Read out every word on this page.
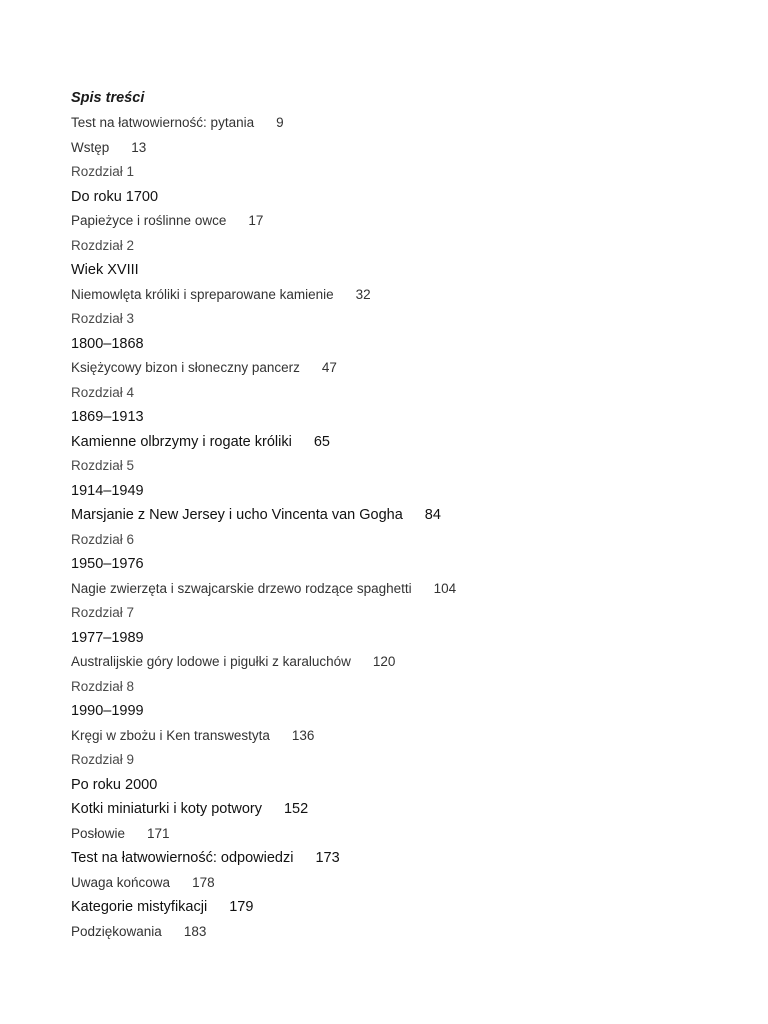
Spis treści
Test na łatwowierność: pytania 9
Wstęp 13
Rozdział 1
Do roku 1700
Papieżyce i roślinne owce 17
Rozdział 2
Wiek XVIII
Niemowlęta króliki i spreparowane kamienie 32
Rozdział 3
1800–1868
Księżycowy bizon i słoneczny pancerz 47
Rozdział 4
1869–1913
Kamienne olbrzymy i rogate króliki 65
Rozdział 5
1914–1949
Marsjanie z New Jersey i ucho Vincenta van Gogha 84
Rozdział 6
1950–1976
Nagie zwierzęta i szwajcarskie drzewo rodzące spaghetti 104
Rozdział 7
1977–1989
Australijskie góry lodowe i pigułki z karaluchów 120
Rozdział 8
1990–1999
Kręgi w zbożu i Ken transwestyta 136
Rozdział 9
Po roku 2000
Kotki miniaturki i koty potwory 152
Posłowie 171
Test na łatwowierność: odpowiedzi 173
Uwaga końcowa 178
Kategorie mistyfikacji 179
Podziękowania 183
